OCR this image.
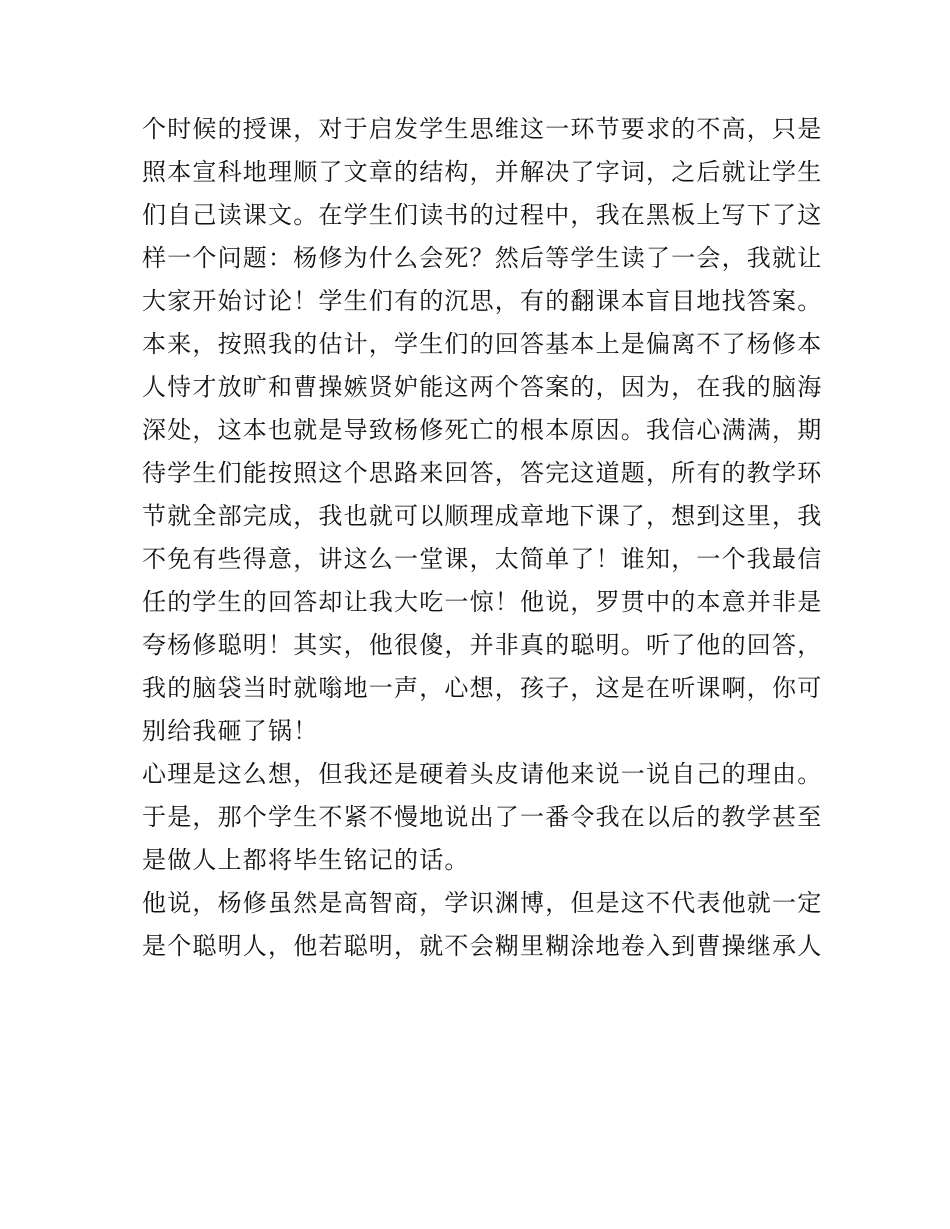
个时候的授课，对于启发学生思维这一环节要求的不高，只是
照本宣科地理顺了文章的结构，并解决了字词，之后就让学生
们自己读课文。在学生们读书的过程中，我在黑板上写下了这
样一个问题：杨修为什么会死？然后等学生读了一会，我就让
大家开始讨论！学生们有的沉思，有的翻课本盲目地找答案。
本来，按照我的估计，学生们的回答基本上是偏离不了杨修本
人恃才放旷和曹操嫉贤妒能这两个答案的，因为，在我的脑海
深处，这本也就是导致杨修死亡的根本原因。我信心满满，期
待学生们能按照这个思路来回答，答完这道题，所有的教学环
节就全部完成，我也就可以顺理成章地下课了，想到这里，我
不免有些得意，讲这么一堂课，太简单了！谁知，一个我最信
任的学生的回答却让我大吃一惊！他说，罗贯中的本意并非是
夸杨修聪明！其实，他很傻，并非真的聪明。听了他的回答，
我的脑袋当时就嗡地一声，心想，孩子，这是在听课啊，你可
别给我砸了锅！
心理是这么想，但我还是硬着头皮请他来说一说自己的理由。
于是，那个学生不紧不慢地说出了一番令我在以后的教学甚至
是做人上都将毕生铭记的话。
他说，杨修虽然是高智商，学识渊博，但是这不代表他就一定
是个聪明人，他若聪明，就不会糊里糊涂地卷入到曹操继承人
